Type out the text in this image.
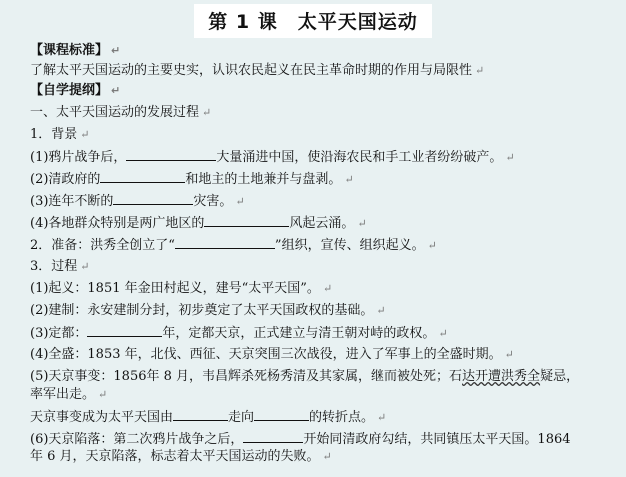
第 1 课　太平天国运动
【课程标准】 ↵
了解太平天国运动的主要史实，认识农民起义在民主革命时期的作用与局限性 ↵
【自学提纲】 ↵
一、太平天国运动的发展过程 ↵
1．背景 ↵
(1)鸦片战争后，	大量涌进中国，使沿海农民和手工业者纷纷破产。 ↵
(2)清政府的	和地主的土地兼并与盘剥。 ↵
(3)连年不断的	灾害。 ↵
(4)各地群众特别是两广地区的	风起云涌。 ↵
2．准备：洪秀全创立了“	”组织，宣传、组织起义。 ↵
3．过程 ↵
(1)起义：1851 年金田村起义，建号“太平天国”。 ↵
(2)建制：永安建制分封，初步奠定了太平天国政权的基础。 ↵
(3)定都：	年，定都天京，正式建立与清王朝对峙的政权。 ↵
(4)全盛：1853 年，北伐、西征、天京突围三次战役，进入了军事上的全盛时期。 ↵
(5)天京事变：1856年 8 月，韦昌辉杀死杨秀清及其家属，继而被处死；石达开遭洪秀全疑忌，
率军出走。 ↵
天京事变成为太平天国由	走向	的转折点。 ↵
(6)天京陷落：第二次鸦片战争之后，	开始同清政府勾结，共同镇压太平天国。1864
年 6 月，天京陷落，标志着太平天国运动的失败。 ↵
